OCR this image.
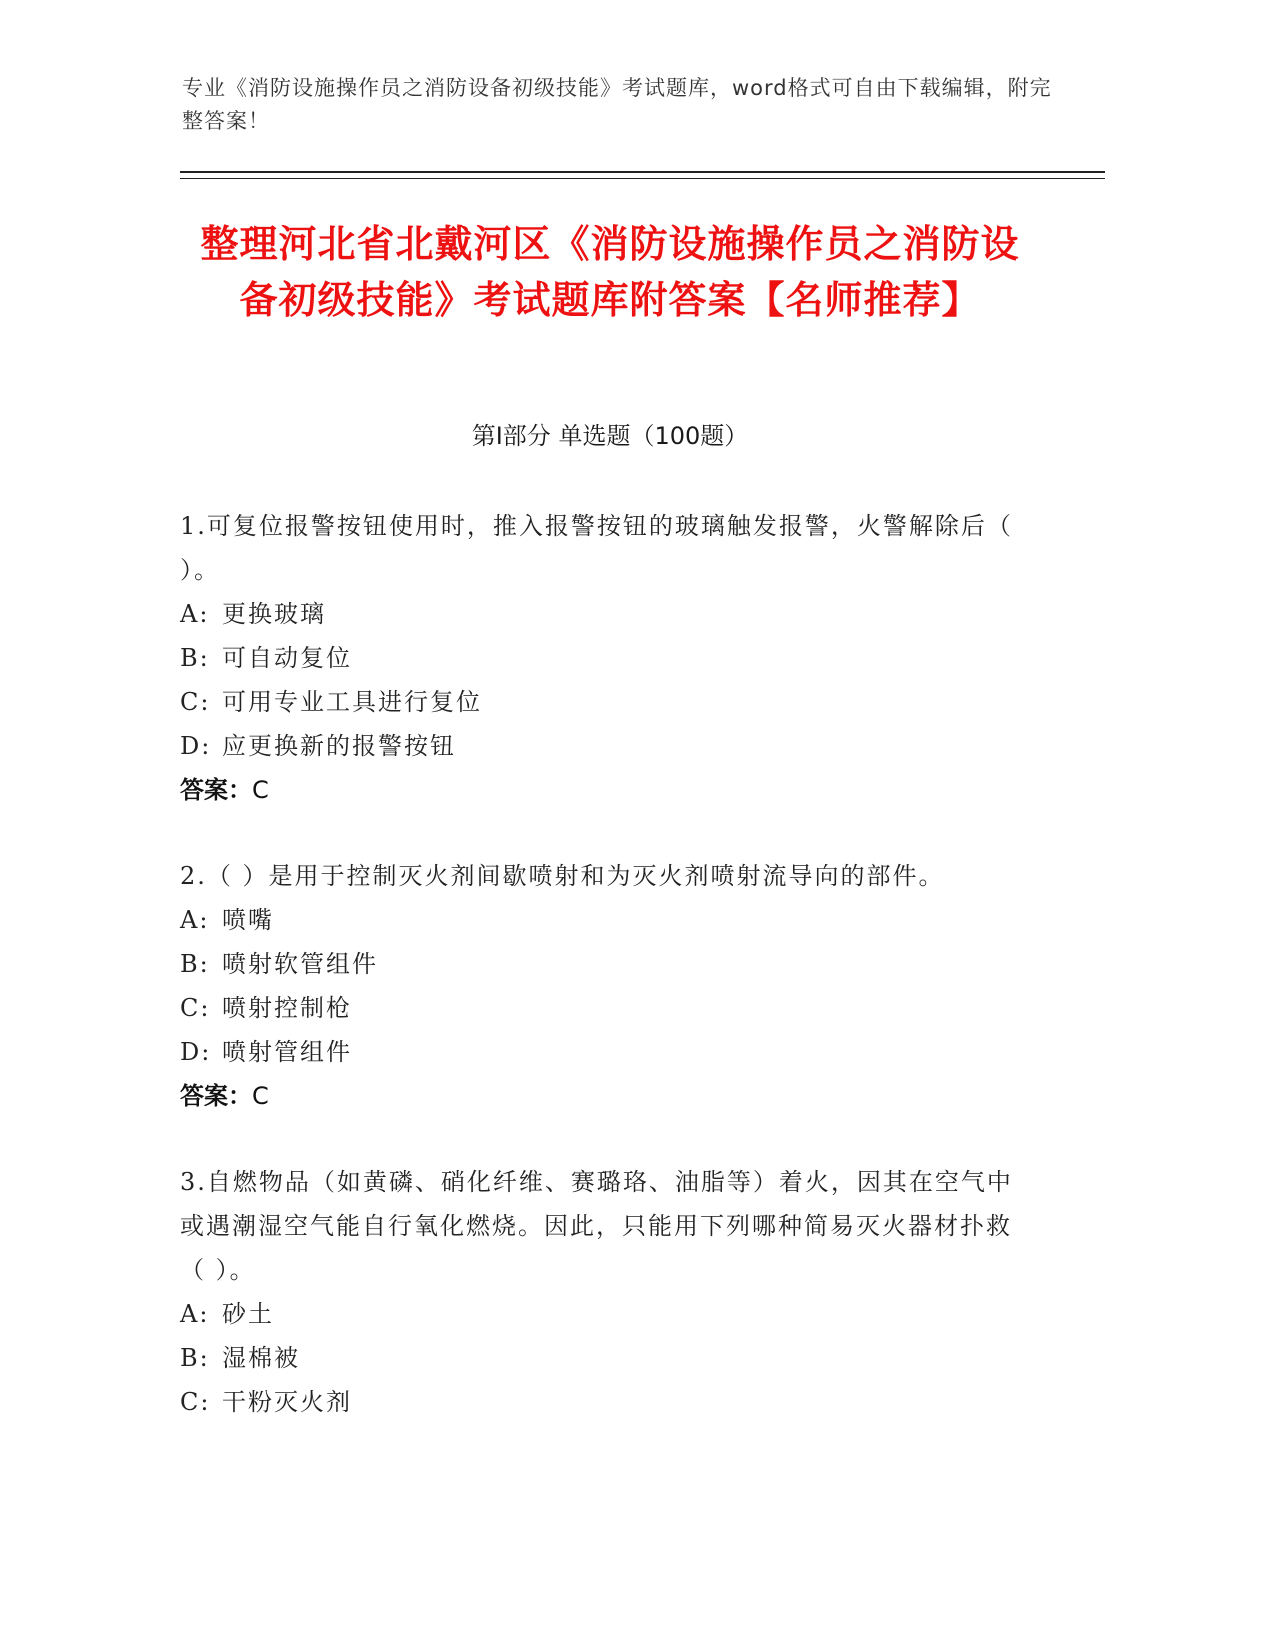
专业《消防设施操作员之消防设备初级技能》考试题库，word格式可自由下载编辑，附完整答案！
整理河北省北戴河区《消防设施操作员之消防设备初级技能》考试题库附答案【名师推荐】
第Ⅰ部分 单选题（100题）
1.可复位报警按钮使用时，推入报警按钮的玻璃触发报警，火警解除后（ ）。
A: 更换玻璃
B: 可自动复位
C: 可用专业工具进行复位
D: 应更换新的报警按钮
答案：C
2.（ ）是用于控制灭火剂间歇喷射和为灭火剂喷射流导向的部件。
A: 喷嘴
B: 喷射软管组件
C: 喷射控制枪
D: 喷射管组件
答案：C
3.自燃物品（如黄磷、硝化纤维、赛璐珞、油脂等）着火，因其在空气中或遇潮湿空气能自行氧化燃烧。因此，只能用下列哪种简易灭火器材扑救（ ）。
A: 砂土
B: 湿棉被
C: 干粉灭火剂
